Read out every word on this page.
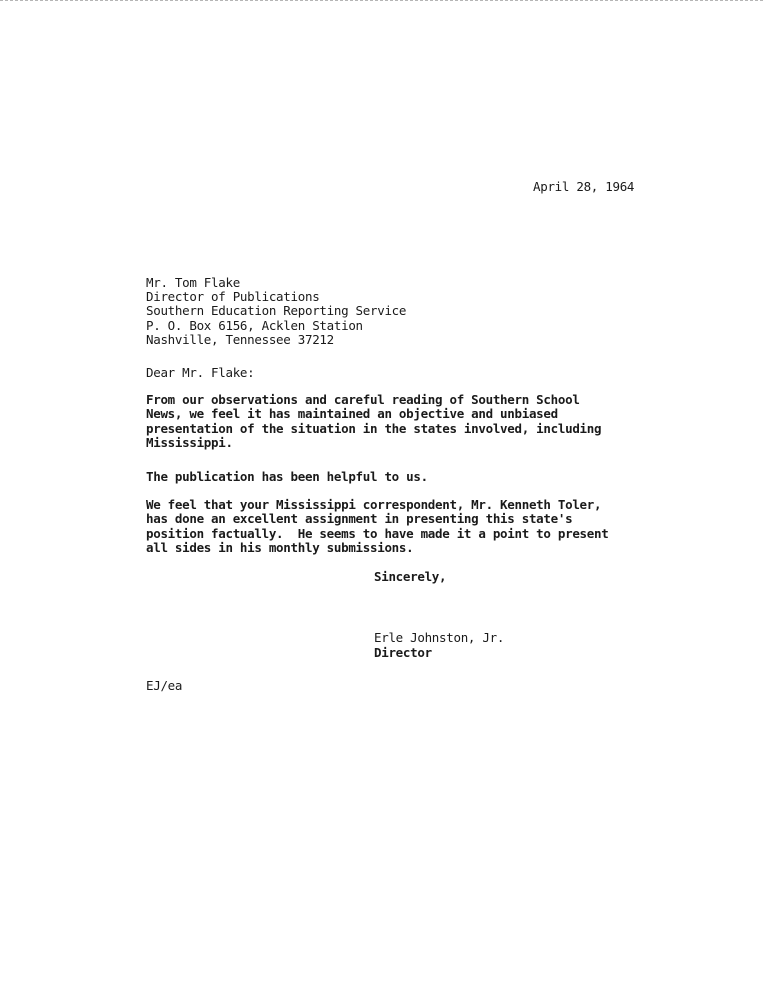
April 28, 1964
Mr. Tom Flake
Director of Publications
Southern Education Reporting Service
P. O. Box 6156, Acklen Station
Nashville, Tennessee 37212
Dear Mr. Flake:
From our observations and careful reading of Southern School
News, we feel it has maintained an objective and unbiased
presentation of the situation in the states involved, including
Mississippi.
The publication has been helpful to us.
We feel that your Mississippi correspondent, Mr. Kenneth Toler,
has done an excellent assignment in presenting this state's
position factually.  He seems to have made it a point to present
all sides in his monthly submissions.
Sincerely,
Erle Johnston, Jr.
Director
EJ/ea
